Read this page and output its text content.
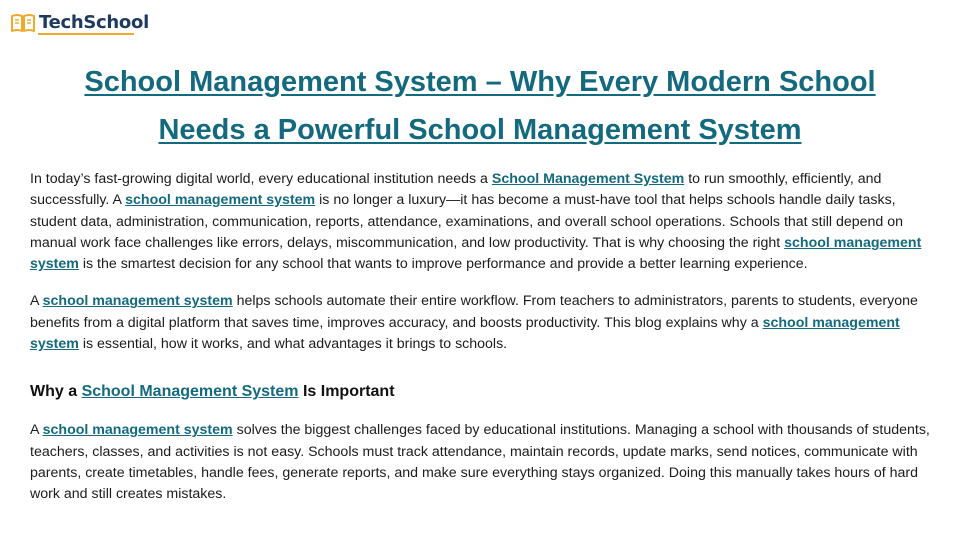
TechSchool
School Management System – Why Every Modern School
Needs a Powerful School Management System

In today’s fast-growing digital world, every educational institution needs a School Management System to run smoothly, efficiently, and successfully. A school management system is no longer a luxury—it has become a must-have tool that helps schools handle daily tasks, student data, administration, communication, reports, attendance, examinations, and overall school operations. Schools that still depend on manual work face challenges like errors, delays, miscommunication, and low productivity. That is why choosing the right school management system is the smartest decision for any school that wants to improve performance and provide a better learning experience.

A school management system helps schools automate their entire workflow. From teachers to administrators, parents to students, everyone benefits from a digital platform that saves time, improves accuracy, and boosts productivity. This blog explains why a school management system is essential, how it works, and what advantages it brings to schools.

Why a School Management System Is Important

A school management system solves the biggest challenges faced by educational institutions. Managing a school with thousands of students, teachers, classes, and activities is not easy. Schools must track attendance, maintain records, update marks, send notices, communicate with parents, create timetables, handle fees, generate reports, and make sure everything stays organized. Doing this manually takes hours of hard work and still creates mistakes.
